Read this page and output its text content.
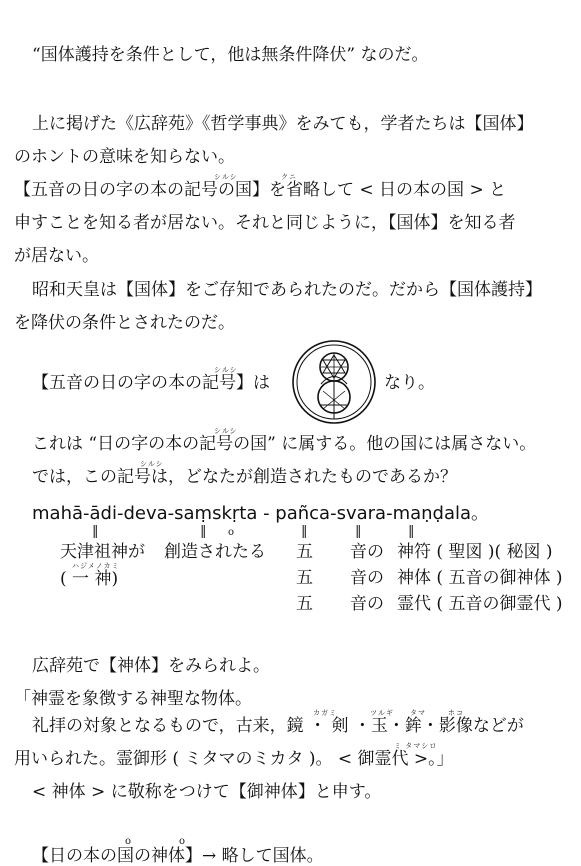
“国体護持を条件として，他は無条件降伏” なのだ。
上に掲げた《広辞苑》《哲学事典》をみても，学者たちは【国体】
のホントの意味を知らない。
シルシ	クニ
【五音の日の字の本の記号の国】を省略して < 日の本の国 > と
申すことを知る者が居ない。それと同じように，【国体】を知る者
が居ない。
昭和天皇は【国体】をご存知であられたのだ。だから【国体護持】
を降伏の条件とされたのだ。
シルシ
【五音の日の字の本の記号】は	なり。
シルシ
これは “日の字の本の記号の国” に属する。他の国には属さない。
シルシ
では，この記号は，どなたが創造されたものであるか？
mahā-ādi-deva-saṃskṛta - pañca-svara-maṇḍala。
‖	‖	‖	‖	‖
o
天津祖神が 創造されたる 五 音の 神符 ( 聖図 )( 秘図 )
ハジメノカミ
( 一 神)	五 音の 神体 ( 五音の御神体 )
五 音の 霊代 ( 五音の御霊代 )
広辞苑で【神体】をみられよ。
「神霊を象徴する神聖な物体。
カガミ	ツルギ タマ	ホコ
礼拝の対象となるもので，古来，鏡 ・ 剣 ・玉・鉾・影像などが
ミ タマシロ
用いられた。霊御形 ( ミタマのミカタ )。 < 御霊代 >。」
< 神体 > に敬称をつけて【御神体】と申す。
o	o
【日の本の国の神体】→ 略して国体。
